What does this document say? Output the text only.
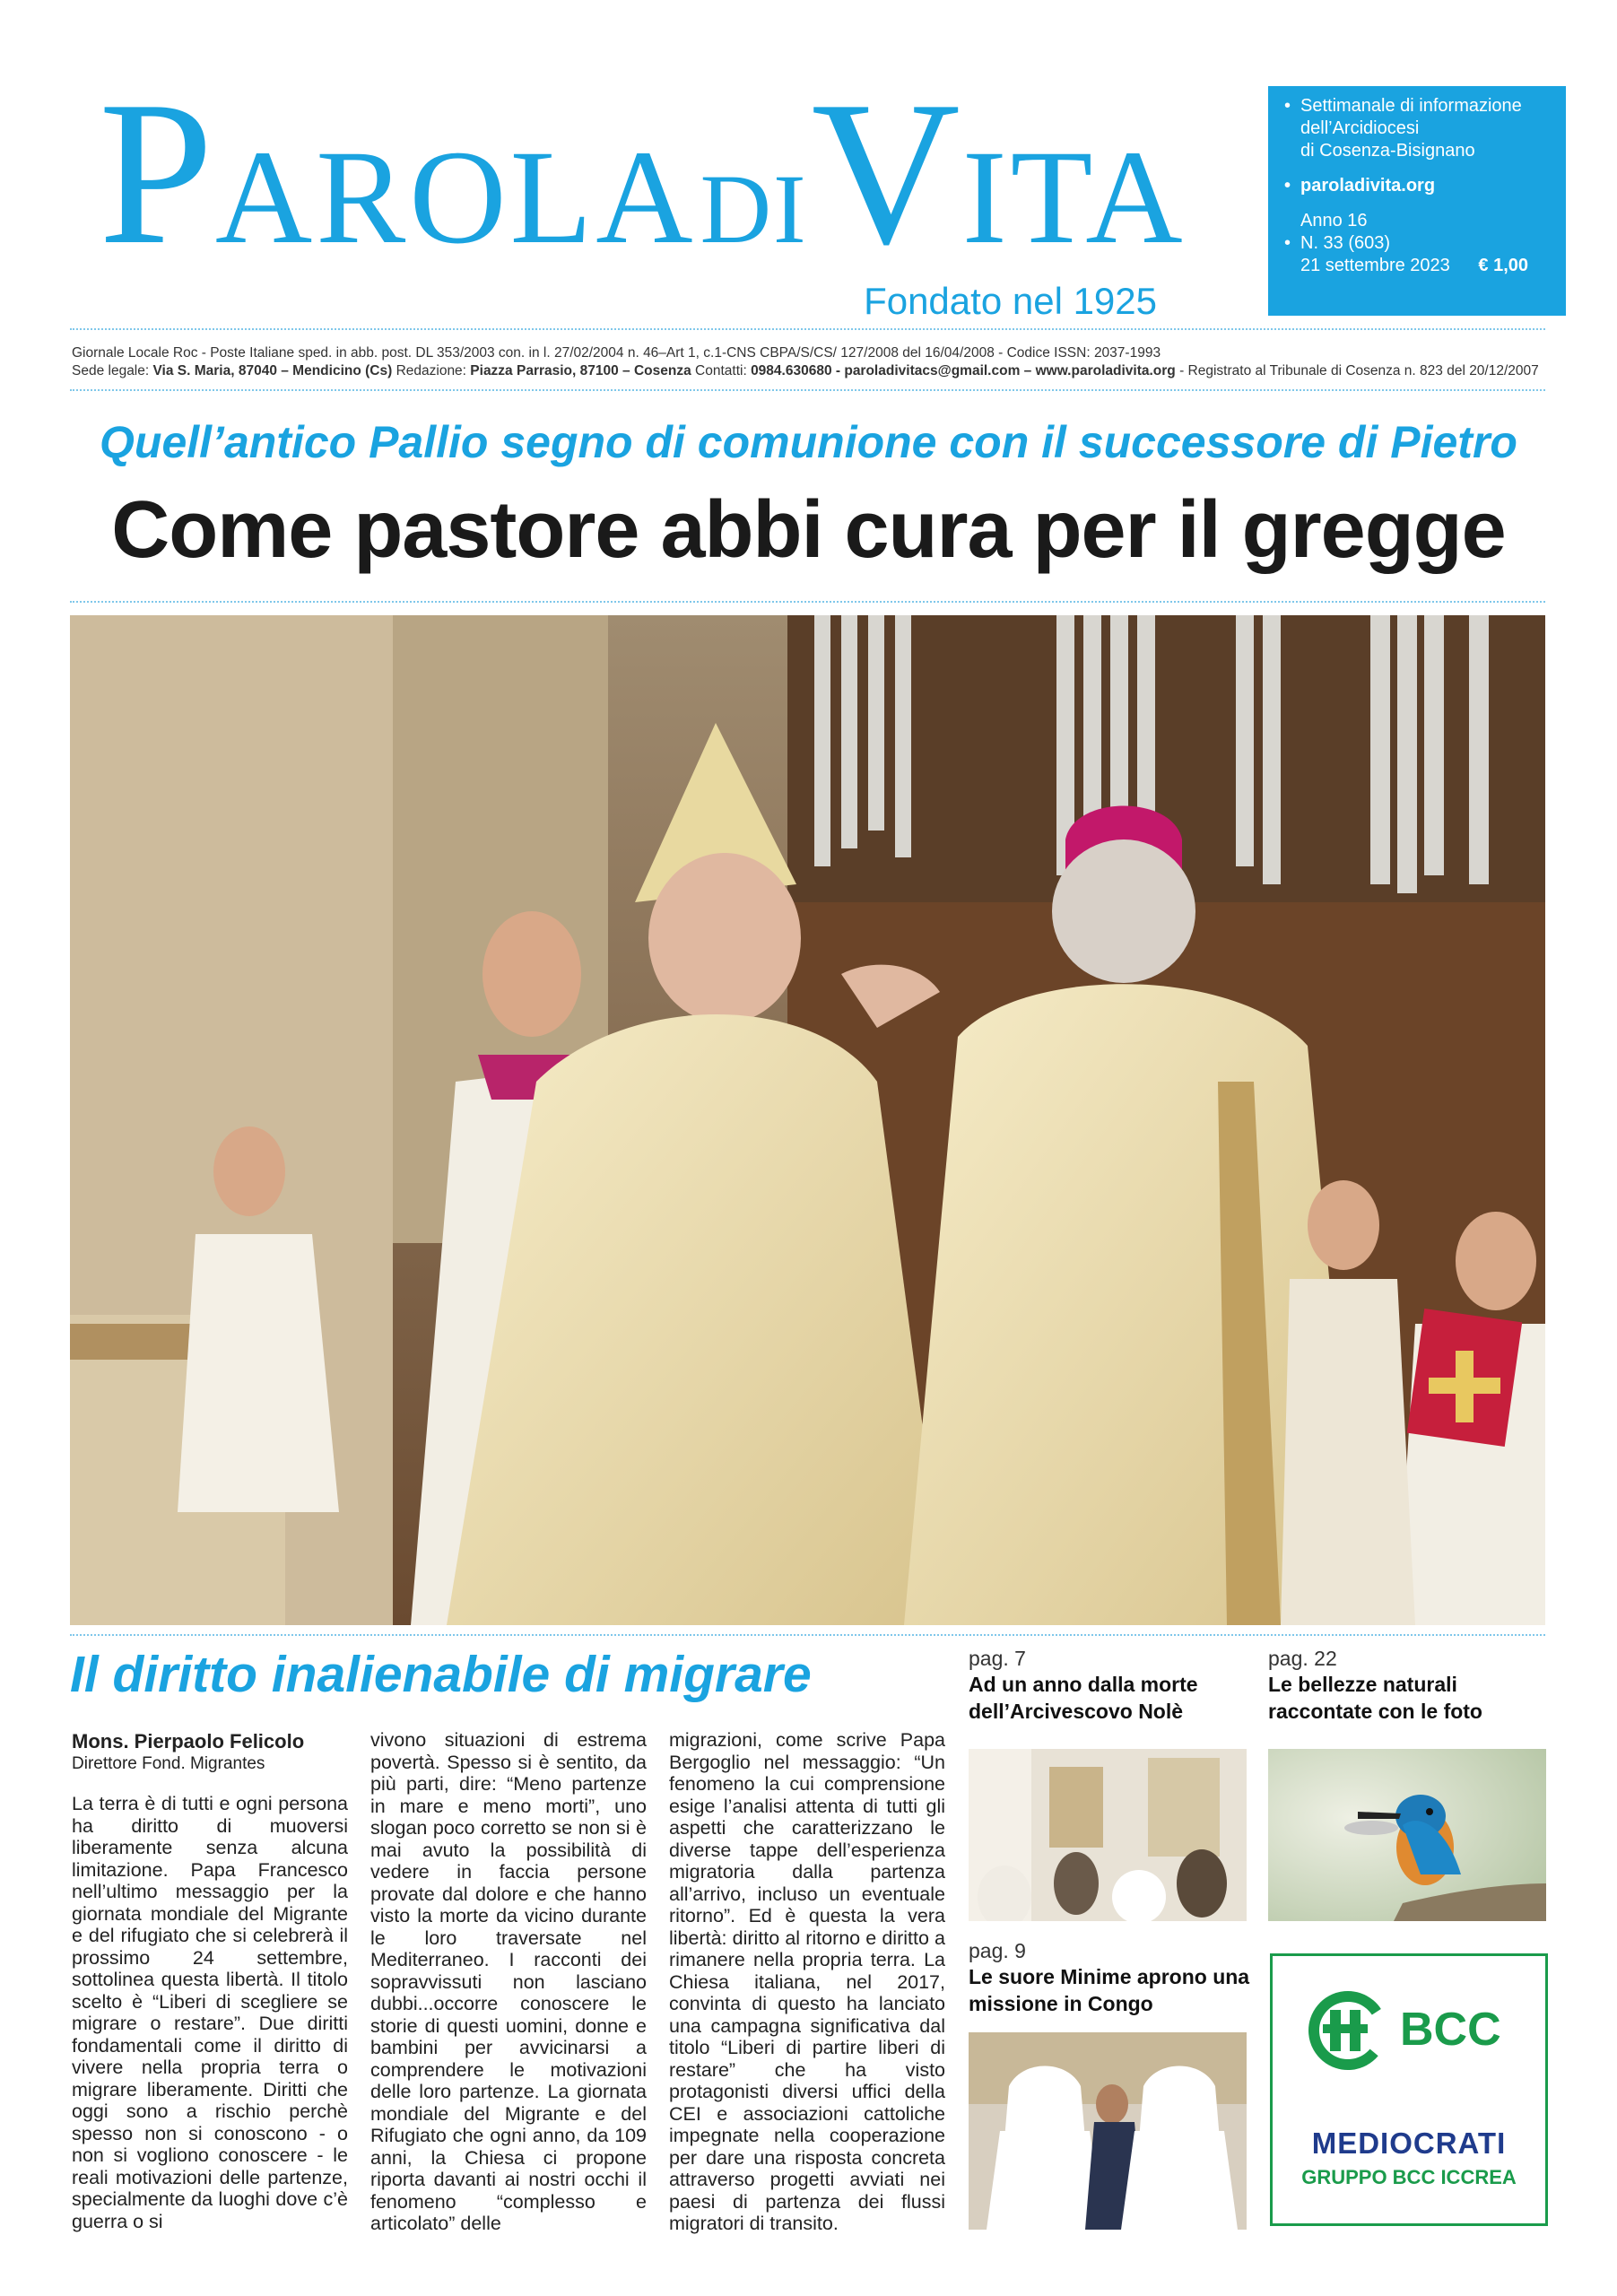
PAROLA DI VITA
Fondato nel 1925
• Settimanale di informazione
dell’Arcidiocesi
di Cosenza-Bisignano
• paroladivita.org
Anno 16
• N. 33 (603)
21 settembre 2023 € 1,00
Giornale Locale Roc - Poste Italiane sped. in abb. post. DL 353/2003 con. in l. 27/02/2004 n. 46–Art 1, c.1-CNS CBPA/S/CS/ 127/2008 del 16/04/2008 - Codice ISSN: 2037-1993
Sede legale: Via S. Maria, 87040 – Mendicino (Cs) Redazione: Piazza Parrasio, 87100 – Cosenza Contatti: 0984.630680 - paroladivitacs@gmail.com – www.paroladivita.org - Registrato al Tribunale di Cosenza n. 823 del 20/12/2007
Quell’antico Pallio segno di comunione con il successore di Pietro
Come pastore abbi cura per il gregge
Il diritto inalienabile di migrare
Mons. Pierpaolo Felicolo
Direttore Fond. Migrantes
La terra è di tutti e ogni persona ha diritto di muoversi liberamente senza alcuna limitazione. Papa Francesco nell’ultimo messaggio per la giornata mondiale del Migrante e del rifugiato che si celebrerà il prossimo 24 settembre, sottolinea questa libertà. Il titolo scelto è “Liberi di scegliere se migrare o restare”. Due diritti fondamentali come il diritto di vivere nella propria terra o migrare liberamente. Diritti che oggi sono a rischio perchè spesso non si conoscono - o non si vogliono conoscere - le reali motivazioni delle partenze, specialmente da luoghi dove c’è guerra o si
vivono situazioni di estrema povertà. Spesso si è sentito, da più parti, dire: “Meno partenze in mare e meno morti”, uno slogan poco corretto se non si è mai avuto la possibilità di vedere in faccia persone provate dal dolore e che hanno visto la morte da vicino durante le loro traversate nel Mediterraneo. I racconti dei sopravvissuti non lasciano dubbi...occorre conoscere le storie di questi uomini, donne e bambini per avvicinarsi a comprendere le motivazioni delle loro partenze. La giornata mondiale del Migrante e del Rifugiato che ogni anno, da 109 anni, la Chiesa ci propone riporta davanti ai nostri occhi il fenomeno “complesso e articolato” delle
migrazioni, come scrive Papa Bergoglio nel messaggio: “Un fenomeno la cui comprensione esige l’analisi attenta di tutti gli aspetti che caratterizzano le diverse tappe dell’esperienza migratoria dalla partenza all’arrivo, incluso un eventuale ritorno”. Ed è questa la vera libertà: diritto al ritorno e diritto a rimanere nella propria terra. La Chiesa italiana, nel 2017, convinta di questo ha lanciato una campagna significativa dal titolo “Liberi di partire liberi di restare” che ha visto protagonisti diversi uffici della CEI e associazioni cattoliche impegnate nella cooperazione per dare una risposta concreta attraverso progetti avviati nei paesi di partenza dei flussi migratori di transito.
pag. 7
Ad un anno dalla morte dell’Arcivescovo Nolè
pag. 9
Le suore Minime aprono una missione in Congo
pag. 22
Le bellezze naturali raccontate con le foto
BCC
MEDIOCRATI
GRUPPO BCC ICCREA
